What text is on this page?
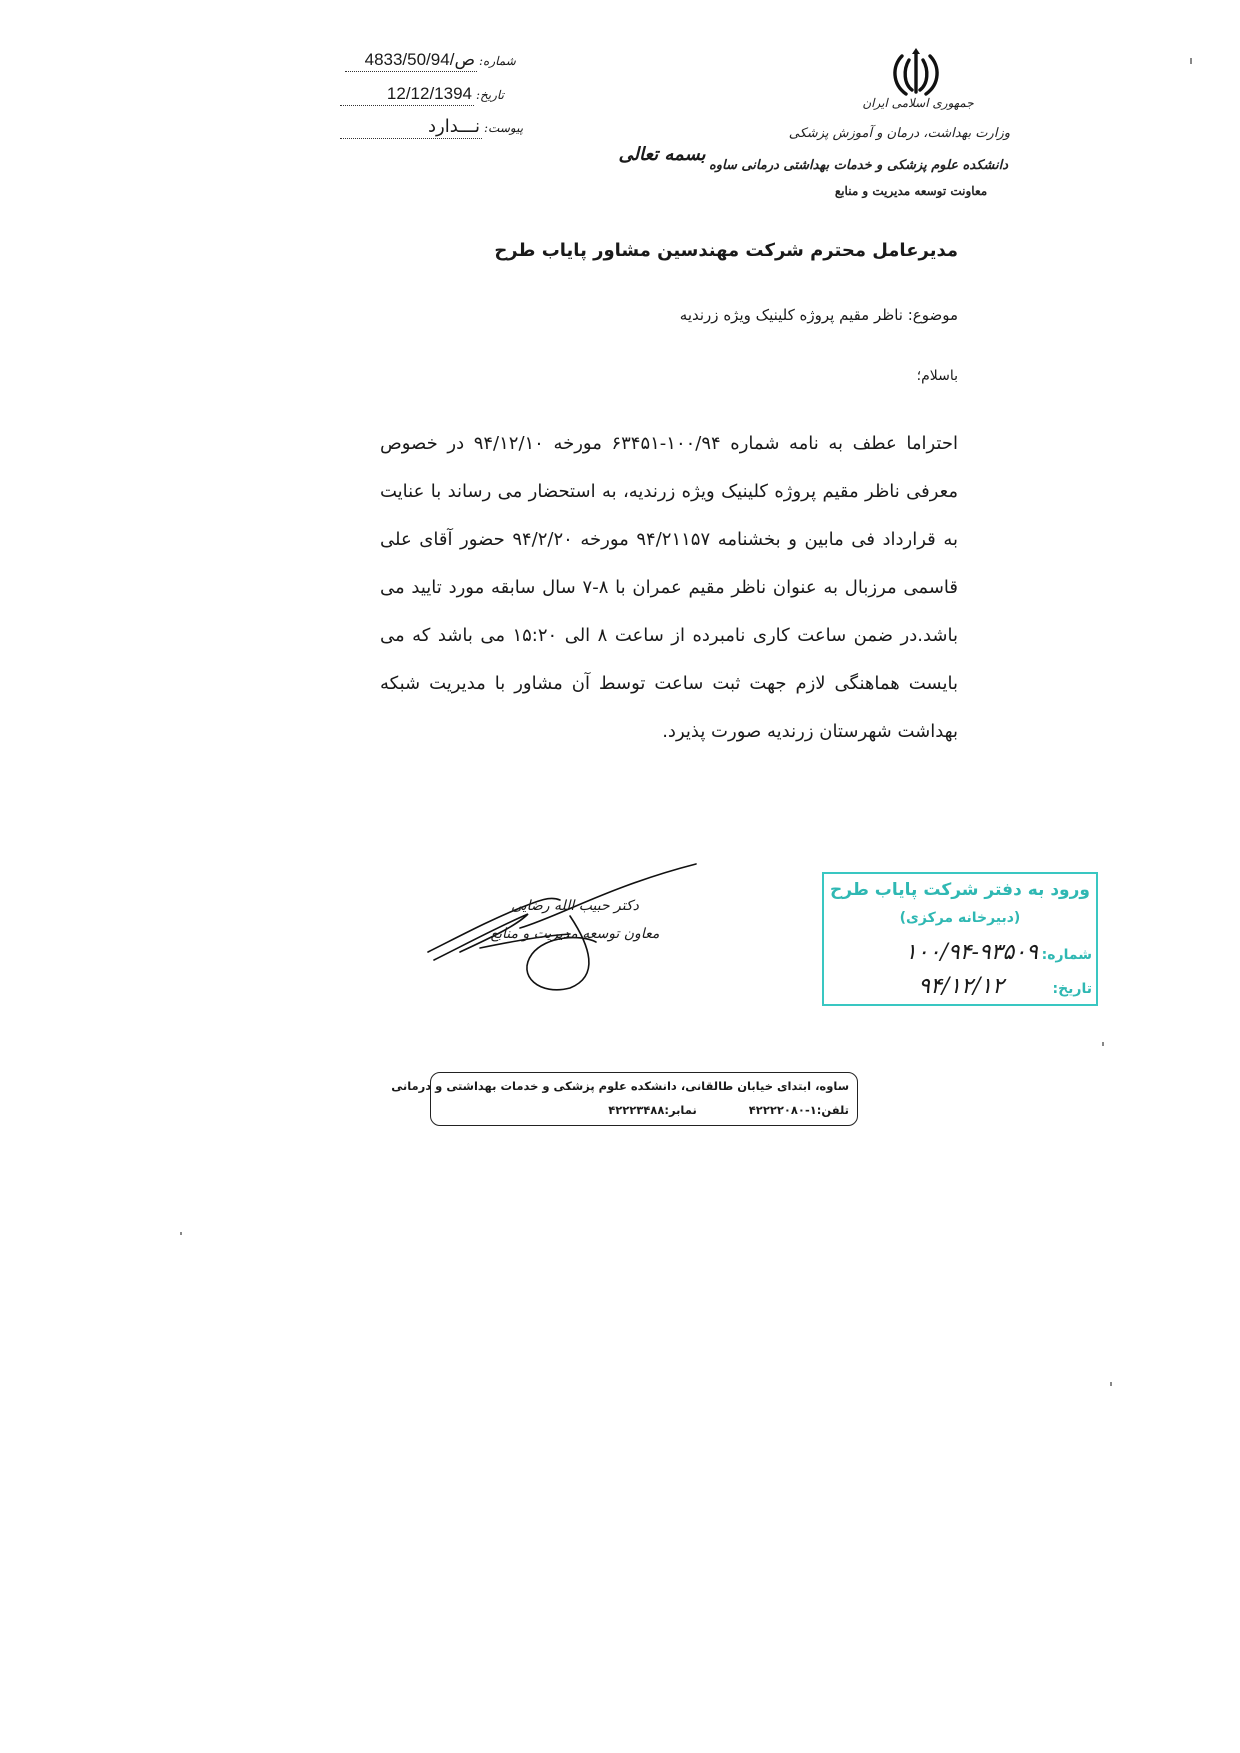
جمهوری اسلامی ایران
وزارت بهداشت، درمان و آموزش پزشکی
دانشکده علوم پزشکی و خدمات بهداشتی درمانی ساوه
معاونت توسعه مدیریت و منابع
بسمه تعالی
4833/50/ص/94 شماره:
12/12/1394 تاریخ:
نـــدارد پیوست:
مدیرعامل محترم شرکت مهندسین مشاور پایاب طرح
موضوع: ناظر مقیم پروژه کلینیک ویژه زرندیه
باسلام؛
احتراما عطف به نامه شماره ۱۰۰/۹۴-۶۳۴۵۱ مورخه ۹۴/۱۲/۱۰ در خصوص معرفی ناظر مقیم پروژه کلینیک ویژه زرندیه، به استحضار می رساند با عنایت به قرارداد فی مابین و بخشنامه ۹۴/۲۱۱۵۷ مورخه ۹۴/۲/۲۰ حضور آقای علی قاسمی مرزبال به عنوان ناظر مقیم عمران با ۸-۷ سال سابقه مورد تایید می باشد.در ضمن ساعت کاری نامبرده از ساعت ۸ الی ۱۵:۲۰ می باشد که می بایست هماهنگی لازم جهت ثبت ساعت توسط آن مشاور با مدیریت شبکه بهداشت شهرستان زرندیه صورت پذیرد.
دکتر حبیب الله رضایی
معاون توسعه مدیریت و منابع
ورود به دفتر شرکت پایاب طرح
(دبیرخانه مرکزی)
شماره:۱۰۰/۹۴-۹۳۵۰۹
تاریخ:۹۴/۱۲/۱۲
ساوه، ابتدای خیابان طالقانی، دانشکده علوم پزشکی و خدمات بهداشتی و درمانی
تلفن:۱-۴۲۲۲۲۰۸۰ نمابر:۴۲۲۲۳۴۸۸
